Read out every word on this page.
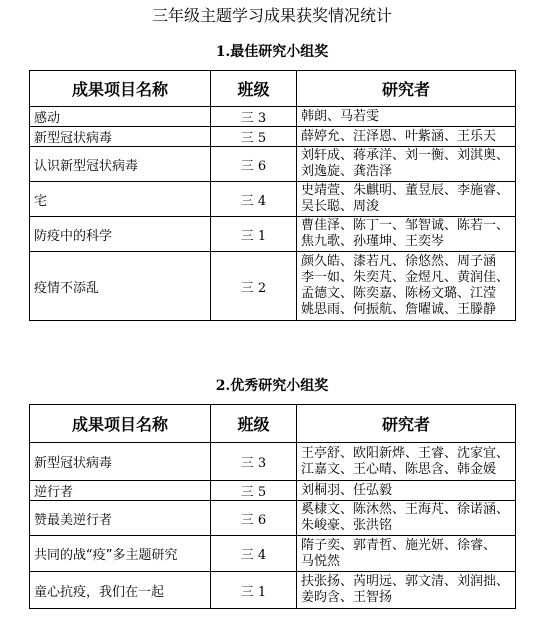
三年级主题学习成果获奖情况统计
1.最佳研究小组奖
成果项目名称	班级	研究者
感动	三 3	韩朗、马若雯

新型冠状病毒	三 5	薛婷允、汪泽恩、叶紫涵、王乐天

认识新型冠状病毒	三 6	刘轩成、蒋承洋、刘一衡、刘淇奥、
刘逸旋、龚浩泽

宅	三 4	史靖萱、朱麒明、董昱辰、李施睿、
吴长聪、周浚

防疫中的科学	三 1	曹佳泽、陈丁一、邹智诚、陈若一、
焦九歌、孙瑾坤、王奕岑

疫情不添乱	三 2	颜久皓、漆若凡、徐悠然、周子涵
李一如、朱奕芃、金煜凡、黄润佳、
孟德文、陈奕嘉、陈杨文璐、江滢
姚思雨、何振航、詹曜诚、王滕静
2.优秀研究小组奖
成果项目名称	班级	研究者
新型冠状病毒	三 3	王亭舒、欧阳新烨、王睿、沈家宜、
江嘉文、王心晴、陈思含、韩金媛

逆行者	三 5	刘桐羽、任弘毅

赞最美逆行者	三 6	奚棣文、陈沐然、王海芃、徐诺涵、
朱峻豪、张洪铭

共同的战“疫”多主题研究	三 4	隋子奕、郭青哲、施光妍、徐睿、
马悦然

童心抗疫，我们在一起	三 1	扶张扬、芮明远、郭文清、刘润拙、
姜昀含、王智扬
